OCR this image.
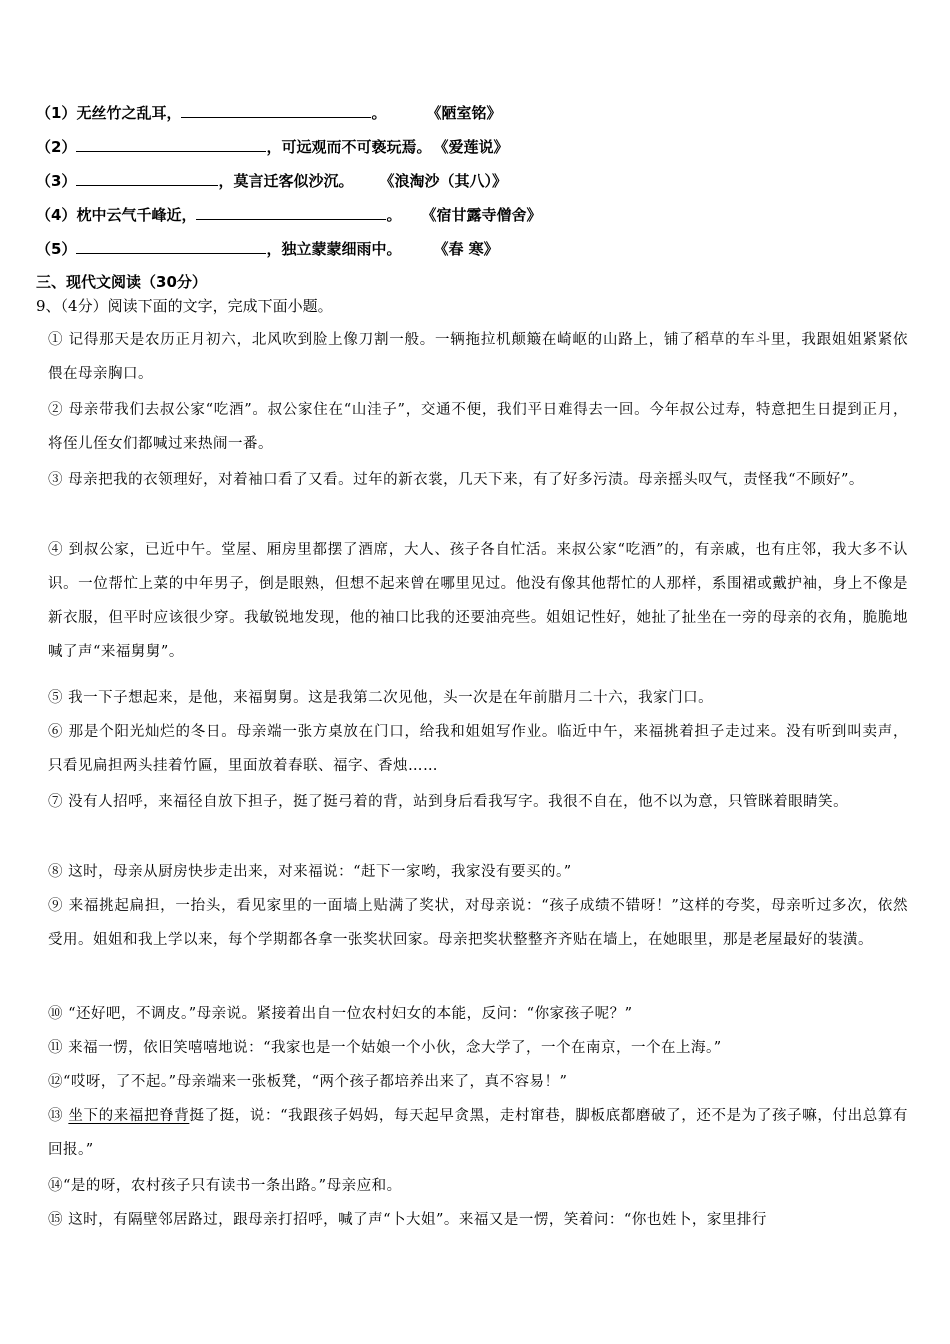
（1）无丝竹之乱耳，	。	《陋室铭》
（2）	，可远观而不可亵玩焉。 《爱莲说》
（3）	，莫言迁客似沙沉。 《浪淘沙（其八）》
（4）枕中云气千峰近，	。 《宿甘露寺僧舍》
（5）	，独立蒙蒙细雨中。 《春 寒》
三、现代文阅读（30分）
9、（4分）阅读下面的文字，完成下面小题。
① 记得那天是农历正月初六，北风吹到脸上像刀割一般。一辆拖拉机颠簸在崎岖的山路上，铺了稻草的车斗里，我跟姐姐紧紧依偎在母亲胸口。
② 母亲带我们去叔公家“吃酒”。叔公家住在“山洼子”，交通不便，我们平日难得去一回。今年叔公过寿，特意把生日提到正月，将侄儿侄女们都喊过来热闹一番。
③ 母亲把我的衣领理好，对着袖口看了又看。过年的新衣裳，几天下来，有了好多污渍。母亲摇头叹气，责怪我“不顾好”。
④ 到叔公家，已近中午。堂屋、厢房里都摆了酒席，大人、孩子各自忙活。来叔公家“吃酒”的，有亲戚，也有庄邻，我大多不认识。一位帮忙上菜的中年男子，倒是眼熟，但想不起来曾在哪里见过。他没有像其他帮忙的人那样，系围裙或戴护袖，身上不像是新衣服，但平时应该很少穿。我敏锐地发现，他的袖口比我的还要油亮些。姐姐记性好，她扯了扯坐在一旁的母亲的衣角，脆脆地喊了声“来福舅舅”。
⑤ 我一下子想起来，是他，来福舅舅。这是我第二次见他，头一次是在年前腊月二十六，我家门口。
⑥ 那是个阳光灿烂的冬日。母亲端一张方桌放在门口，给我和姐姐写作业。临近中午，来福挑着担子走过来。没有听到叫卖声，只看见扁担两头挂着竹匾，里面放着春联、福字、香烛……
⑦ 没有人招呼，来福径自放下担子，挺了挺弓着的背，站到身后看我写字。我很不自在，他不以为意，只管眯着眼睛笑。
⑧ 这时，母亲从厨房快步走出来，对来福说：“赶下一家哟，我家没有要买的。”
⑨ 来福挑起扁担，一抬头，看见家里的一面墙上贴满了奖状，对母亲说：“孩子成绩不错呀！”这样的夸奖，母亲听过多次，依然受用。姐姐和我上学以来，每个学期都各拿一张奖状回家。母亲把奖状整整齐齐贴在墙上，在她眼里，那是老屋最好的装潢。
⑩ “还好吧，不调皮。”母亲说。紧接着出自一位农村妇女的本能，反问：“你家孩子呢？”
⑪ 来福一愣，依旧笑嘻嘻地说：“我家也是一个姑娘一个小伙，念大学了，一个在南京，一个在上海。”
⑫“哎呀，了不起。”母亲端来一张板凳，“两个孩子都培养出来了，真不容易！”
⑬ 坐下的来福把脊背挺了挺，说：“我跟孩子妈妈，每天起早贪黑，走村窜巷，脚板底都磨破了，还不是为了孩子嘛，付出总算有回报。”
⑭“是的呀，农村孩子只有读书一条出路。”母亲应和。
⑮ 这时，有隔壁邻居路过，跟母亲打招呼，喊了声“卜大姐”。来福又是一愣，笑着问：“你也姓卜，家里排行
